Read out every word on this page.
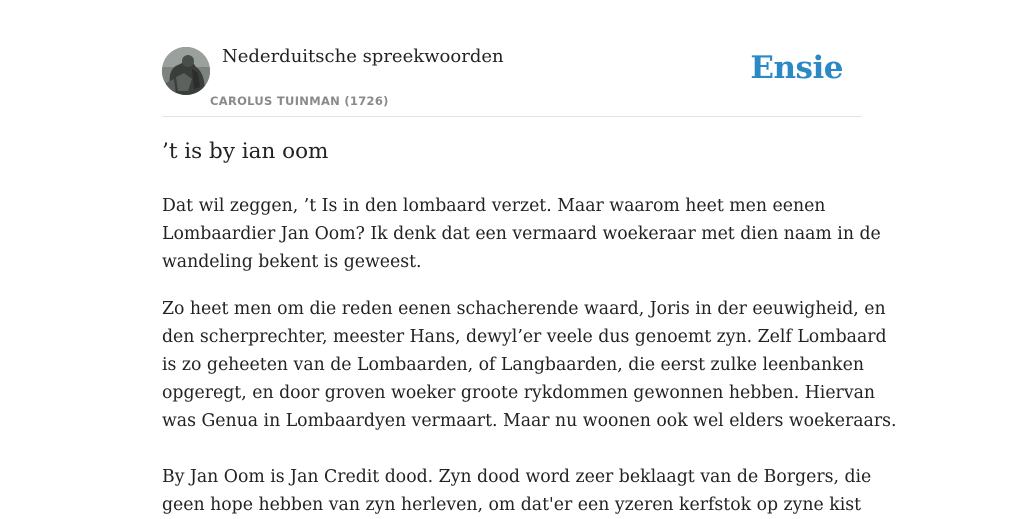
Nederduitsche spreekwoorden
CAROLUS TUINMAN (1726)
Ensie
’t is by ian oom

Dat wil zeggen, ’t Is in den lombaard verzet. Maar waarom heet men eenen
Lombaardier Jan Oom? Ik denk dat een vermaard woekeraar met dien naam in de
wandeling bekent is geweest.

Zo heet men om die reden eenen schacherende waard, Joris in der eeuwigheid, en
den scherprechter, meester Hans, dewyl’er veele dus genoemt zyn. Zelf Lombaard
is zo geheeten van de Lombaarden, of Langbaarden, die eerst zulke leenbanken
opgeregt, en door groven woeker groote rykdommen gewonnen hebben. Hiervan
was Genua in Lombaardyen vermaart. Maar nu woonen ook wel elders woekeraars.

By Jan Oom is Jan Credit dood. Zyn dood word zeer beklaagt van de Borgers, die
geen hope hebben van zyn herleven, om dat'er een yzeren kerfstok op zyne kist
